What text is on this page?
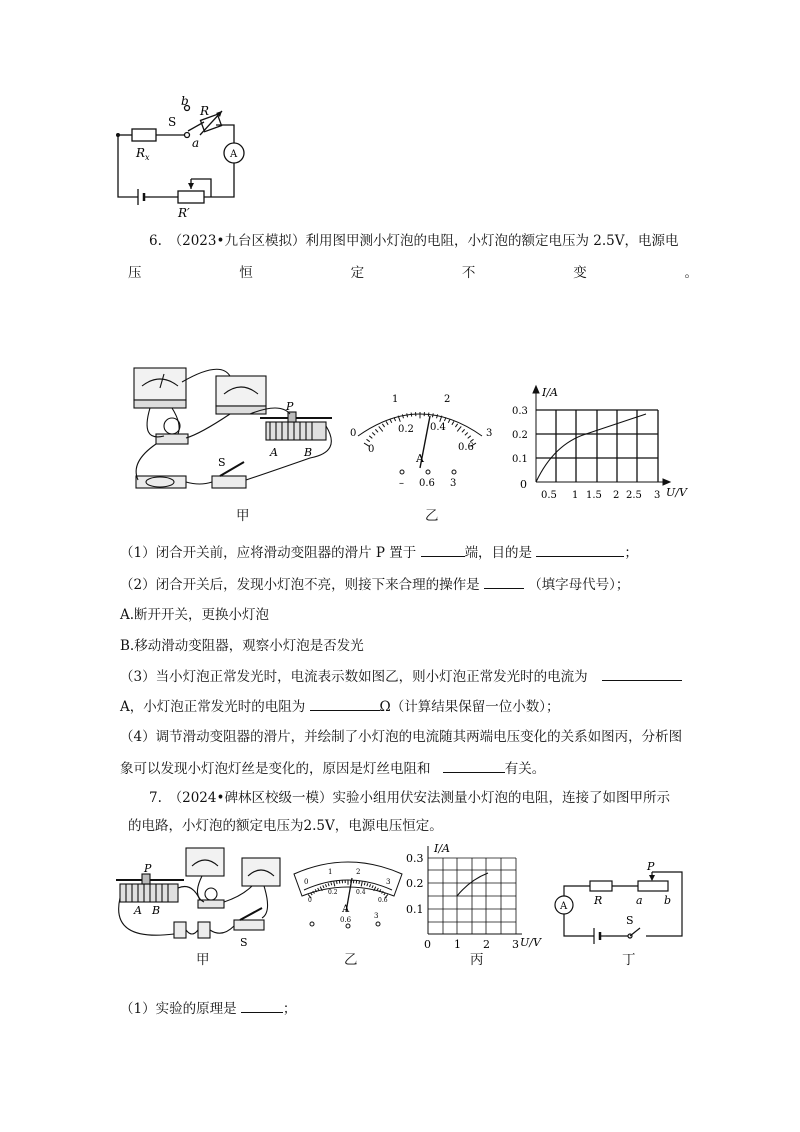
b
R
S
a
A
R x
R′
6.　（2023•九台区模拟）利用图甲测小灯泡的电阻，小灯泡的额定电压为 2.5V，电源电
压	恒	定	不	变	。
P
A B
S
甲
0
1	2
3
0
0.2 0.4
0.6
A
– 0.6 3
乙
I/A
U/V
0
0.5 1 1.5 2 2.5 3
0.1
0.2
0.3
（1）闭合开关前，应将滑动变阻器的滑片 P 置于	端，目的是	；
（2）闭合开关后，发现小灯泡不亮，则接下来合理的操作是	（填字母代号）；
A.断开开关，更换小灯泡
B.移动滑动变阻器，观察小灯泡是否发光
（3）当小灯泡正常发光时，电流表示数如图乙，则小灯泡正常发光时的电流为
A，小灯泡正常发光时的电阻为	Ω（计算结果保留一位小数）；
（4）调节滑动变阻器的滑片，并绘制了小灯泡的电流随其两端电压变化的关系如图丙，分析图
象可以发现小灯泡灯丝是变化的，原因是灯丝电阻和	有关。
7.　（2024•碑林区校级一模）实验小组用伏安法测量小灯泡的电阻，连接了如图甲所示
的电路，小灯泡的额定电压为2.5V，电源电压恒定。
P
A B
S
甲
0
1	2
3
0
0.2	0.4
0.6
A
0.6	3
乙
I/A
U/V
0 1 2 3
0.1
0.2
0.3
丙
P
A R	a b
S
丁
（1）实验的原理是	；
